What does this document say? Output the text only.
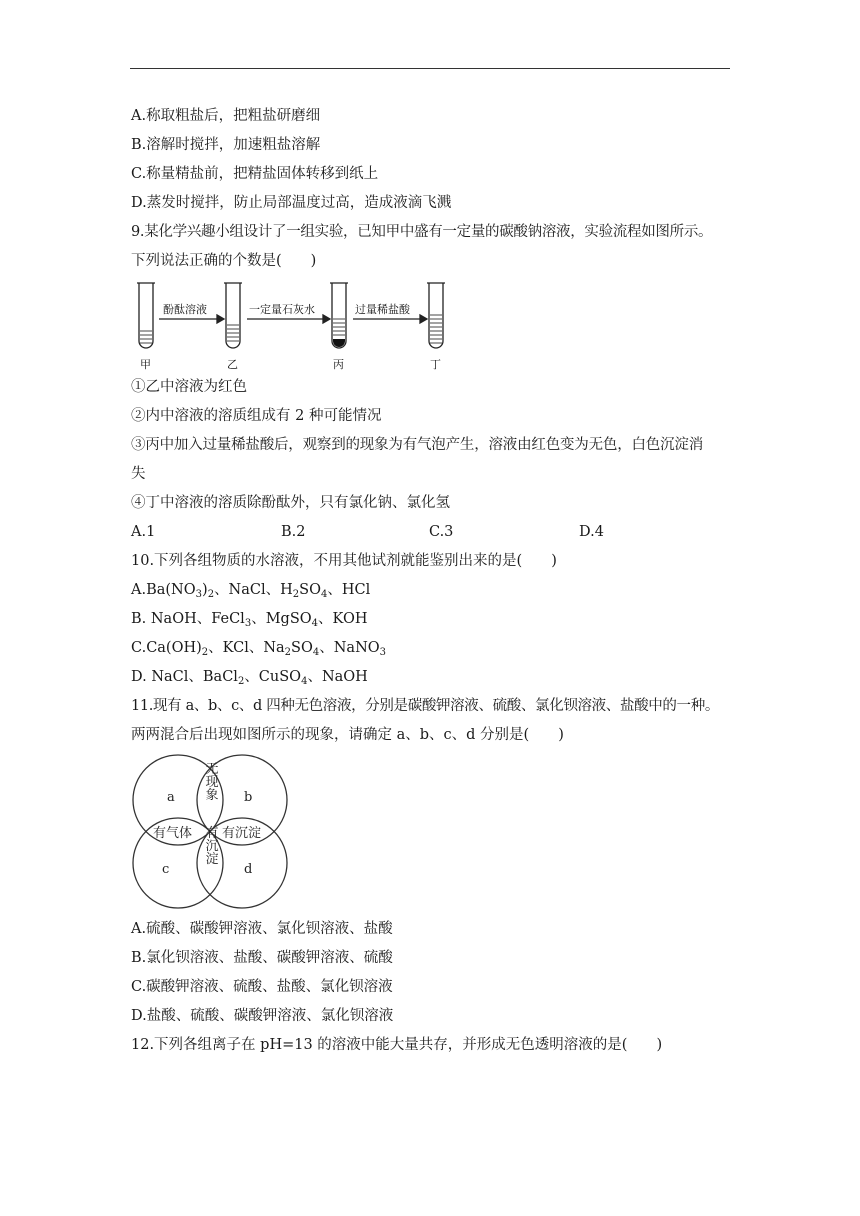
A.称取粗盐后，把粗盐研磨细

B.溶解时搅拌，加速粗盐溶解

C.称量精盐前，把精盐固体转移到纸上

D.蒸发时搅拌，防止局部温度过高，造成液滴飞溅

9.某化学兴趣小组设计了一组实验，已知甲中盛有一定量的碳酸钠溶液，实验流程如图所示。

下列说法正确的个数是(　　)

酚酞溶液	一定量石灰水	过量稀盐酸
甲	乙	丙	丁

①乙中溶液为红色

②内中溶液的溶质组成有 2 种可能情况

③丙中加入过量稀盐酸后，观察到的现象为有气泡产生，溶液由红色变为无色，白色沉淀消

失

④丁中溶液的溶质除酚酞外，只有氯化钠、氯化氢

A.1	B.2	C.3	D.4

10.下列各组物质的水溶液，不用其他试剂就能鉴别出来的是(　　)

$A.Ba(NO_3)_2$、NaCl、$H_2SO_4$、HCl

B. NaOH、FeCl$_3$、MgSO$_4$、KOH

$C.Ca(OH)_2$、KCl、$Na_2SO_4$、NaNO$_3$

D. NaCl、BaCl$_2$、CuSO$_4$、NaOH

11.现有 a、b、c、d 四种无色溶液，分别是碳酸钾溶液、硫酸、氯化钡溶液、盐酸中的一种。

两两混合后出现如图所示的现象，请确定 a、b、c、d 分别是(　　)

a	b
c	d
无现象
有气体 有沉淀
有沉淀

A.硫酸、碳酸钾溶液、氯化钡溶液、盐酸

B.氯化钡溶液、盐酸、碳酸钾溶液、硫酸

C.碳酸钾溶液、硫酸、盐酸、氯化钡溶液

D.盐酸、硫酸、碳酸钾溶液、氯化钡溶液

12.下列各组离子在 pH=13 的溶液中能大量共存，并形成无色透明溶液的是(　　)
